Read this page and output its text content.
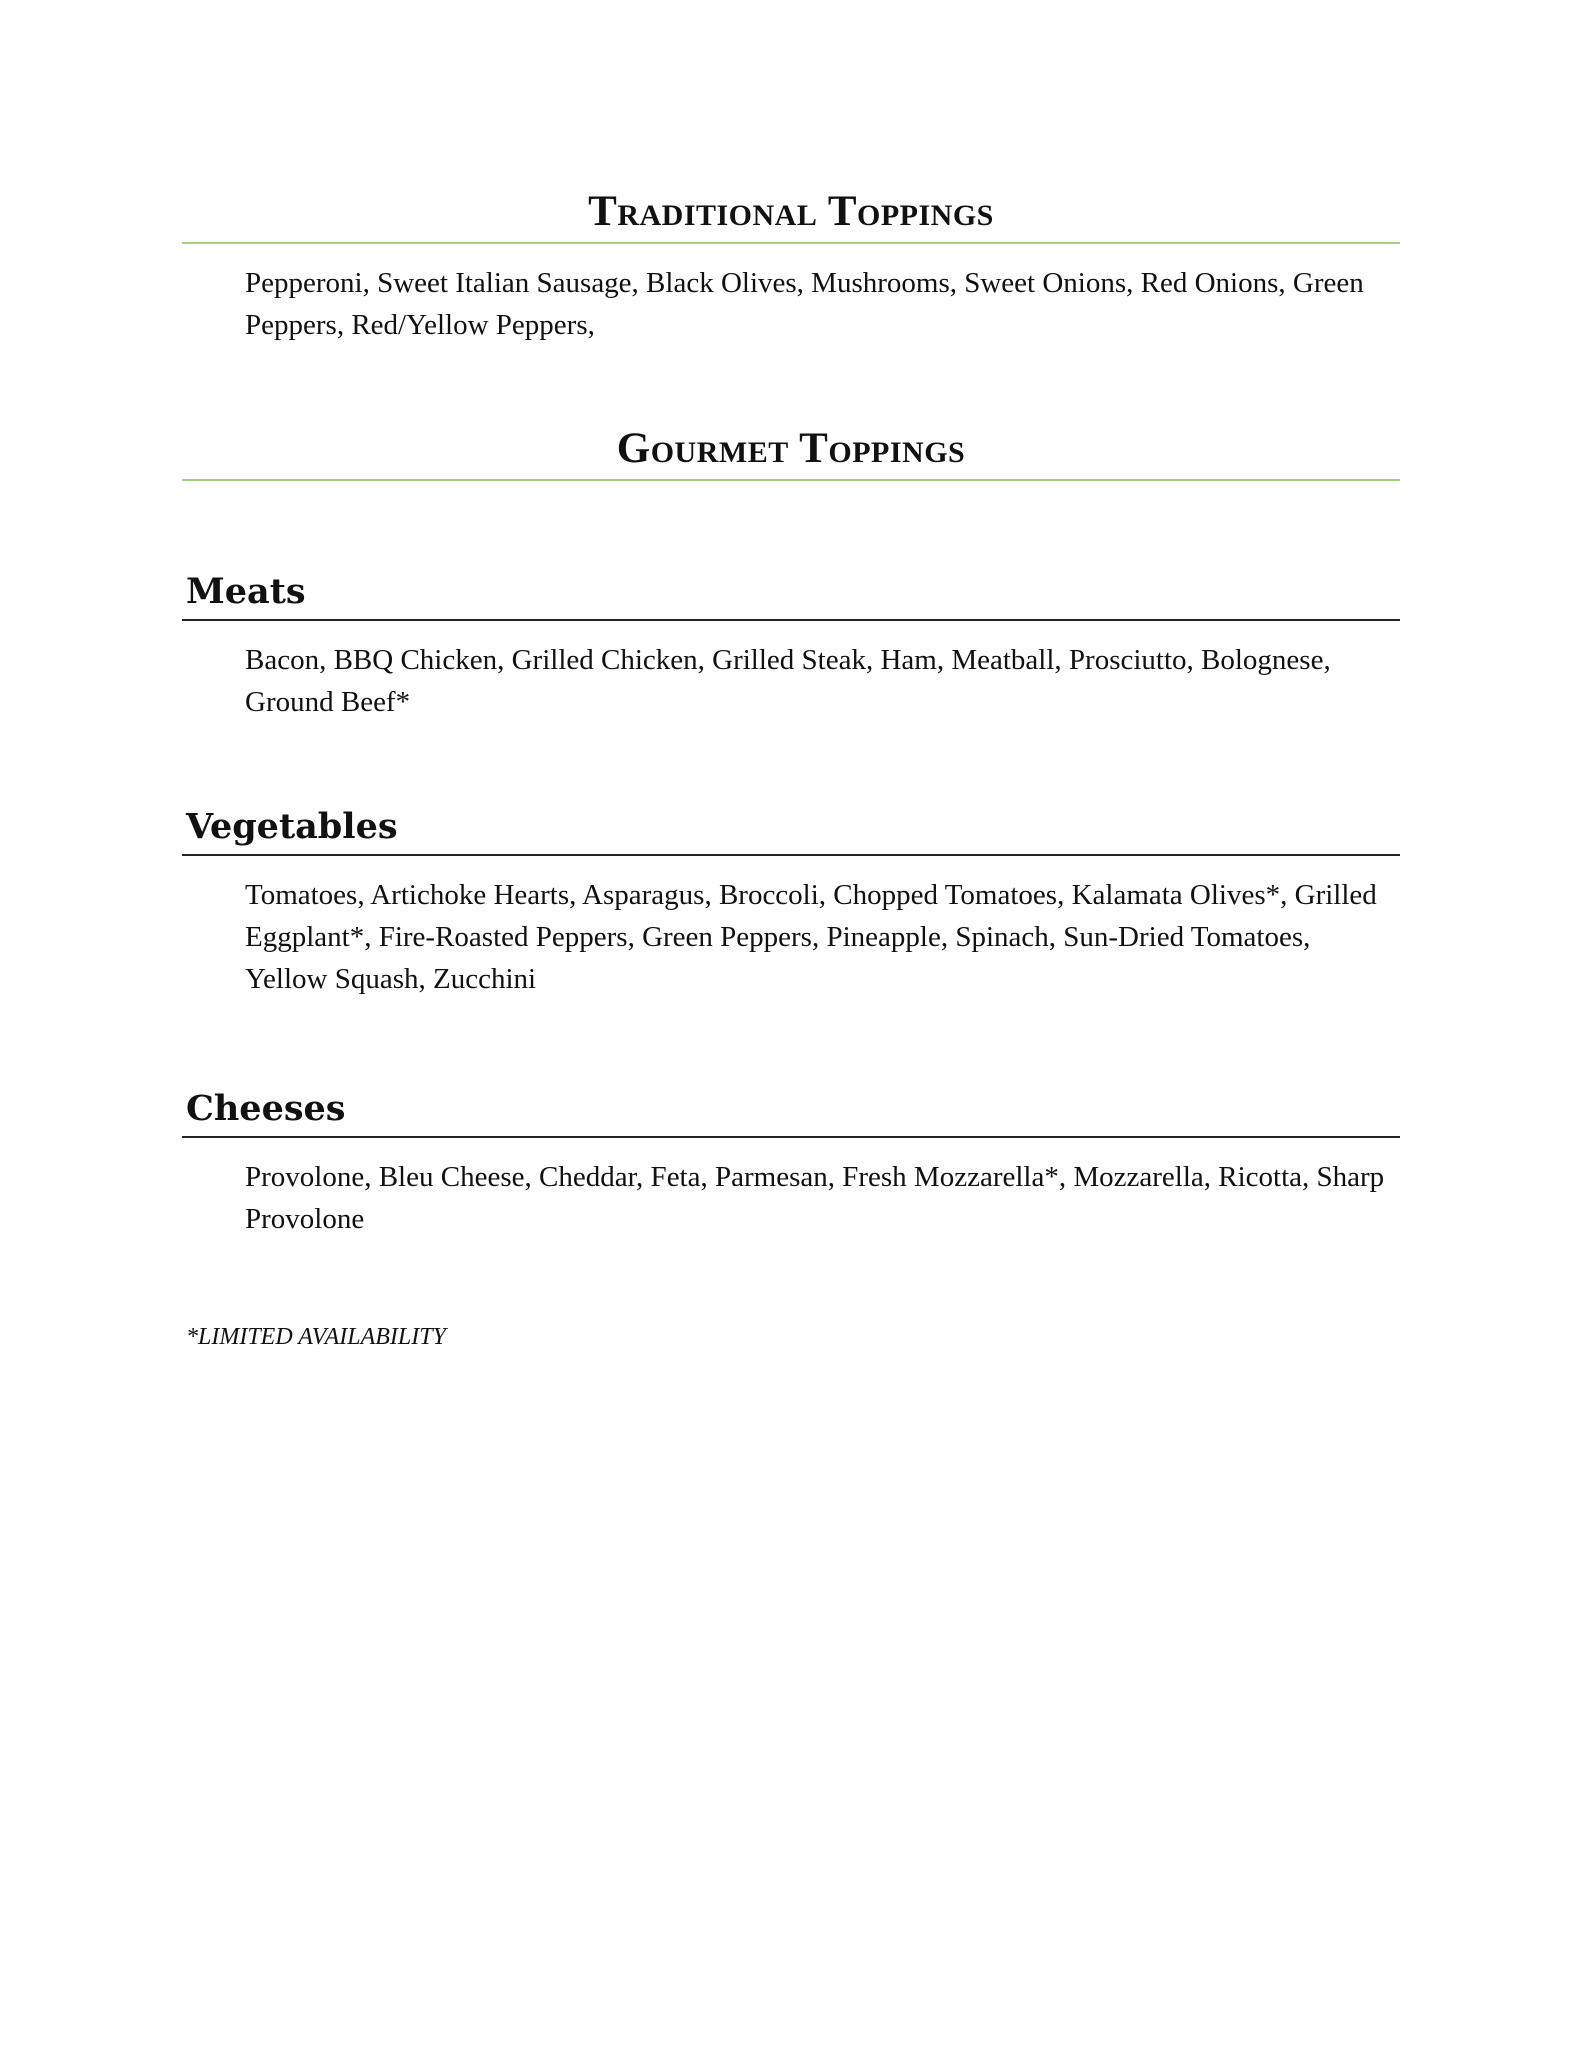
Traditional Toppings

Pepperoni, Sweet Italian Sausage, Black Olives, Mushrooms, Sweet Onions, Red Onions, Green Peppers, Red/Yellow Peppers,

Gourmet Toppings
Meats

Bacon, BBQ Chicken, Grilled Chicken, Grilled Steak, Ham, Meatball, Prosciutto, Bolognese, Ground Beef*

Vegetables

Tomatoes, Artichoke Hearts, Asparagus, Broccoli, Chopped Tomatoes, Kalamata Olives*, Grilled Eggplant*, Fire-Roasted Peppers, Green Peppers, Pineapple, Spinach, Sun-Dried Tomatoes, Yellow Squash, Zucchini

Cheeses

Provolone, Bleu Cheese, Cheddar, Feta, Parmesan, Fresh Mozzarella*, Mozzarella, Ricotta, Sharp Provolone

*LIMITED AVAILABILITY
